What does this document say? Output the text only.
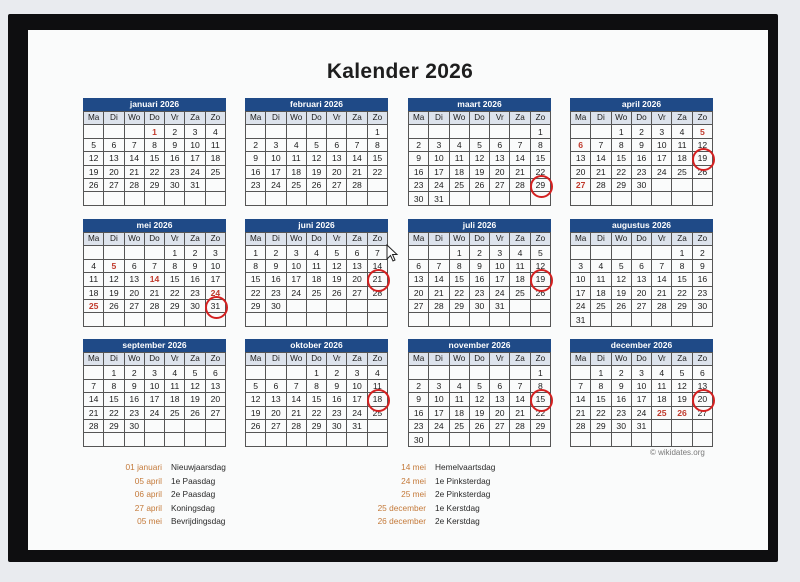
Kalender 2026
januari 2026
Ma	Di	Wo	Do	Vr	Za	Zo
			1	2	3	4
5	6	7	8	9	10	11
12	13	14	15	16	17	18
19	20	21	22	23	24	25
26	27	28	29	30	31	

februari 2026
Ma	Di	Wo	Do	Vr	Za	Zo
						1
2	3	4	5	6	7	8
9	10	11	12	13	14	15
16	17	18	19	20	21	22
23	24	25	26	27	28	

maart 2026
Ma	Di	Wo	Do	Vr	Za	Zo
						1
2	3	4	5	6	7	8
9	10	11	12	13	14	15
16	17	18	19	20	21	22
23	24	25	26	27	28	29
30	31					
april 2026
Ma	Di	Wo	Do	Vr	Za	Zo
		1	2	3	4	5
6	7	8	9	10	11	12
13	14	15	16	17	18	19
20	21	22	23	24	25	26
27	28	29	30			

mei 2026
Ma	Di	Wo	Do	Vr	Za	Zo
				1	2	3
4	5	6	7	8	9	10
11	12	13	14	15	16	17
18	19	20	21	22	23	24
25	26	27	28	29	30	31

juni 2026
Ma	Di	Wo	Do	Vr	Za	Zo
1	2	3	4	5	6	7
8	9	10	11	12	13	14
15	16	17	18	19	20	21
22	23	24	25	26	27	28
29	30					

juli 2026
Ma	Di	Wo	Do	Vr	Za	Zo
		1	2	3	4	5
6	7	8	9	10	11	12
13	14	15	16	17	18	19
20	21	22	23	24	25	26
27	28	29	30	31		

augustus 2026
Ma	Di	Wo	Do	Vr	Za	Zo
					1	2
3	4	5	6	7	8	9
10	11	12	13	14	15	16
17	18	19	20	21	22	23
24	25	26	27	28	29	30
31						
september 2026
Ma	Di	Wo	Do	Vr	Za	Zo
	1	2	3	4	5	6
7	8	9	10	11	12	13
14	15	16	17	18	19	20
21	22	23	24	25	26	27
28	29	30				

oktober 2026
Ma	Di	Wo	Do	Vr	Za	Zo
			1	2	3	4
5	6	7	8	9	10	11
12	13	14	15	16	17	18
19	20	21	22	23	24	25
26	27	28	29	30	31	

november 2026
Ma	Di	Wo	Do	Vr	Za	Zo
						1
2	3	4	5	6	7	8
9	10	11	12	13	14	15
16	17	18	19	20	21	22
23	24	25	26	27	28	29
30						
december 2026
Ma	Di	Wo	Do	Vr	Za	Zo
	1	2	3	4	5	6
7	8	9	10	11	12	13
14	15	16	17	18	19	20
21	22	23	24	25	26	27
28	29	30	31			

01 januari Nieuwjaarsdag
05 april 1e Paasdag
06 april 2e Paasdag
27 april Koningsdag
05 mei Bevrijdingsdag
14 mei Hemelvaartsdag
24 mei 1e Pinksterdag
25 mei 2e Pinksterdag
25 december 1e Kerstdag
26 december 2e Kerstdag
© wikidates.org
